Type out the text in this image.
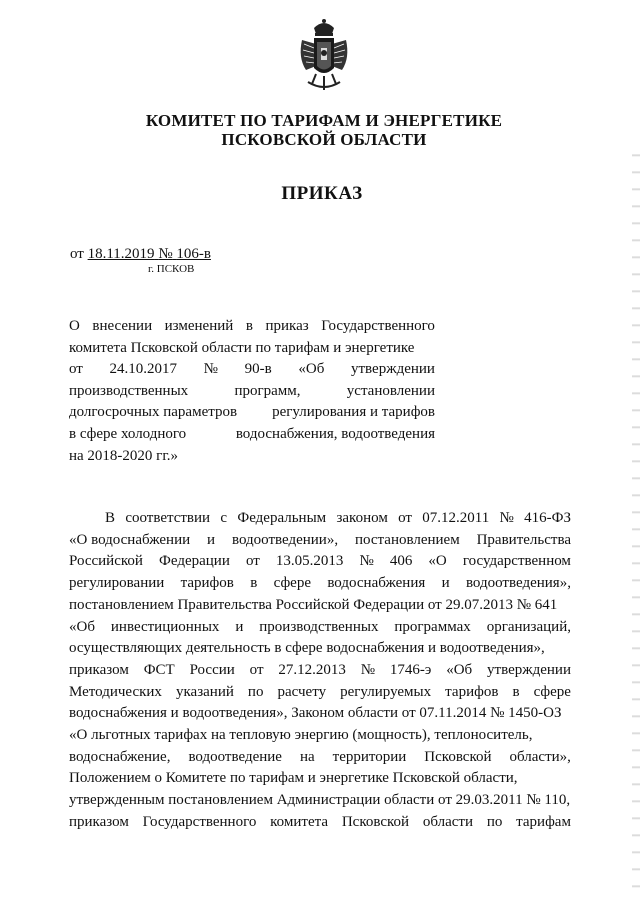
КОМИТЕТ ПО ТАРИФАМ И ЭНЕРГЕТИКЕ
ПСКОВСКОЙ ОБЛАСТИ
ПРИКАЗ
от 18.11.2019 № 106-в
г. ПСКОВ
О внесении изменений в приказ Государственного
комитета Псковской области по тарифам и энергетике
от 24.10.2017 № 90-в «Об утверждении
производственных	программ,	установлении
долгосрочных параметров регулирования и тарифов
в сфере холодного	водоснабжения, водоотведения
на 2018-2020 гг.»
В соответствии с Федеральным законом от 07.12.2011 № 416-ФЗ
«О водоснабжении и водоотведении», постановлением Правительства
Российской Федерации от 13.05.2013 № 406 «О государственном
регулировании тарифов в сфере водоснабжения и водоотведения»,
постановлением Правительства Российской Федерации от 29.07.2013 № 641
«Об инвестиционных и производственных программах организаций,
осуществляющих деятельность в сфере водоснабжения и водоотведения»,
приказом ФСТ России от 27.12.2013 № 1746-э «Об утверждении
Методических указаний по расчету регулируемых тарифов в сфере
водоснабжения и водоотведения», Законом области от 07.11.2014 № 1450-ОЗ
«О льготных тарифах на тепловую энергию (мощность), теплоноситель,
водоснабжение, водоотведение на территории Псковской области»,
Положением о Комитете по тарифам и энергетике Псковской области,
утвержденным постановлением Администрации области от 29.03.2011 № 110,
приказом Государственного комитета Псковской области по тарифам
